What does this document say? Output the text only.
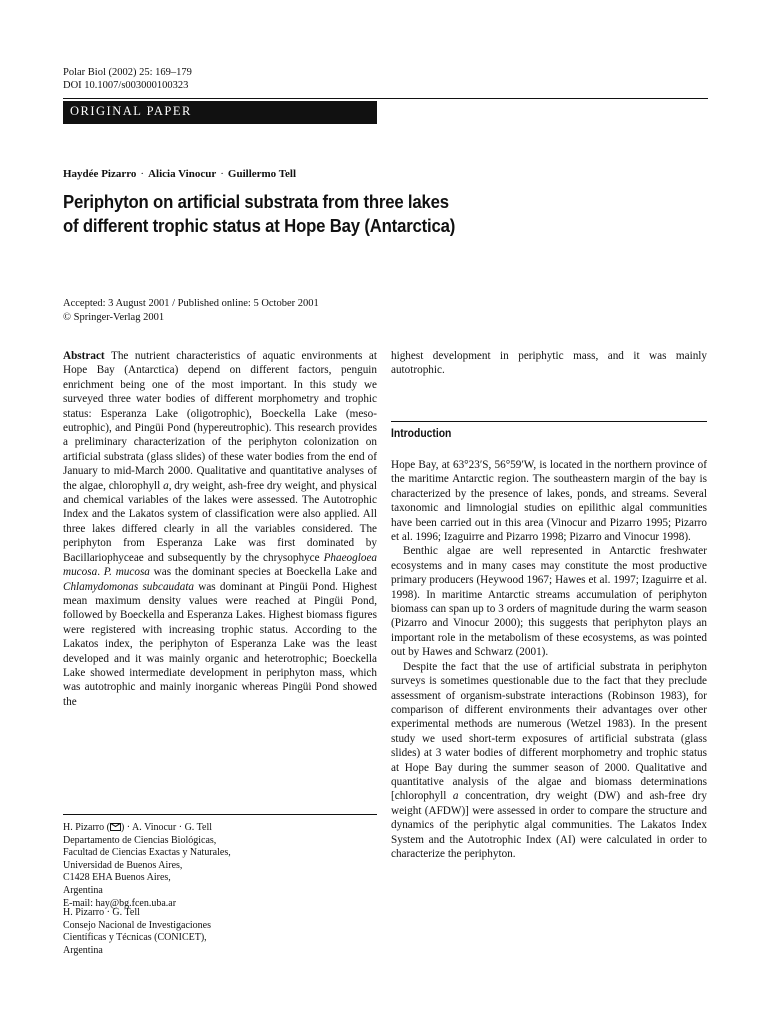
Polar Biol (2002) 25: 169–179
DOI 10.1007/s003000100323
ORIGINAL PAPER
Haydée Pizarro · Alicia Vinocur · Guillermo Tell
Periphyton on artificial substrata from three lakes
of different trophic status at Hope Bay (Antarctica)
Accepted: 3 August 2001 / Published online: 5 October 2001
© Springer-Verlag 2001

Abstract The nutrient characteristics of aquatic environments at Hope Bay (Antarctica) depend on different factors, penguin enrichment being one of the most important. In this study we surveyed three water bodies of different morphometry and trophic status: Esperanza Lake (oligotrophic), Boeckella Lake (meso-eutrophic), and Pingüi Pond (hypereutrophic). This research provides a preliminary characterization of the periphyton colonization on artificial substrata (glass slides) of these water bodies from the end of January to mid-March 2000. Qualitative and quantitative analyses of the algae, chlorophyll a, dry weight, ash-free dry weight, and physical and chemical variables of the lakes were assessed. The Autotrophic Index and the Lakatos system of classification were also applied. All three lakes differed clearly in all the variables considered. The periphyton from Esperanza Lake was first dominated by Bacillariophyceae and subsequently by the chrysophyce Phaeogloea mucosa. P. mucosa was the dominant species at Boeckella Lake and Chlamydomonas subcaudata was dominant at Pingüi Pond. Highest mean maximum density values were reached at Pingüi Pond, followed by Boeckella and Esperanza Lakes. Highest biomass figures were registered with increasing trophic status. According to the Lakatos index, the periphyton of Esperanza Lake was the least developed and it was mainly organic and heterotrophic; Boeckella Lake showed intermediate development in periphyton mass, which was autotrophic and mainly inorganic whereas Pingüi Pond showed the

highest development in periphytic mass, and it was mainly autotrophic.

Introduction

Hope Bay, at 63°23′S, 56°59′W, is located in the northern province of the maritime Antarctic region. The southeastern margin of the bay is characterized by the presence of lakes, ponds, and streams. Several taxonomic and limnologial studies on epilithic algal communities have been carried out in this area (Vinocur and Pizarro 1995; Pizarro et al. 1996; Izaguirre and Pizarro 1998; Pizarro and Vinocur 1998).

Benthic algae are well represented in Antarctic freshwater ecosystems and in many cases may constitute the most productive primary producers (Heywood 1967; Hawes et al. 1997; Izaguirre et al. 1998). In maritime Antarctic streams accumulation of periphyton biomass can span up to 3 orders of magnitude during the warm season (Pizarro and Vinocur 2000); this suggests that periphyton plays an important role in the metabolism of these ecosystems, as was pointed out by Hawes and Schwarz (2001).

Despite the fact that the use of artificial substrata in periphyton surveys is sometimes questionable due to the fact that they preclude assessment of organism-substrate interactions (Robinson 1983), for comparison of different environments their advantages over other experimental methods are numerous (Wetzel 1983). In the present study we used short-term exposures of artificial substrata (glass slides) at 3 water bodies of different morphometry and trophic status at Hope Bay during the summer season of 2000. Qualitative and quantitative analysis of the algae and biomass determinations [chlorophyll a concentration, dry weight (DW) and ash-free dry weight (AFDW)] were assessed in order to compare the structure and dynamics of the periphytic algal communities. The Lakatos Index System and the Autotrophic Index (AI) were calculated in order to characterize the periphyton.

H. Pizarro ( ) · A. Vinocur · G. Tell
Departamento de Ciencias Biológicas,
Facultad de Ciencias Exactas y Naturales,
Universidad de Buenos Aires,
C1428 EHA Buenos Aires,
Argentina
E-mail: hay@bg.fcen.uba.ar
H. Pizarro · G. Tell
Consejo Nacional de Investigaciones
Científicas y Técnicas (CONICET),
Argentina
